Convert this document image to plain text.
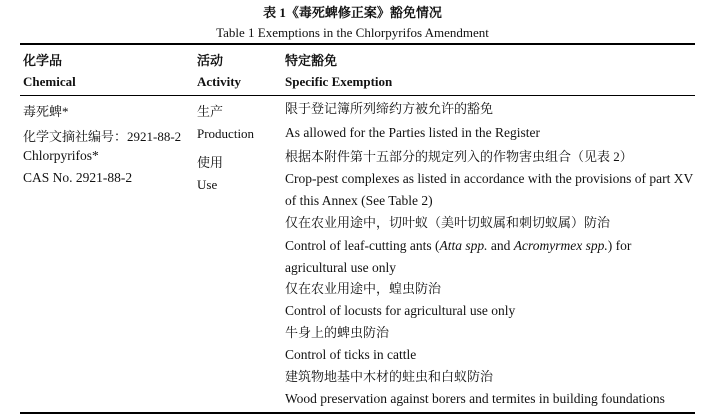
表 1《毒死蜱修正案》豁免情况
Table 1 Exemptions in the Chlorpyrifos Amendment
化学品
Chemical
活动
Activity
特定豁免
Specific Exemption
毒死蜱*
化学文摘社编号：2921-88-2
Chlorpyrifos*
CAS No. 2921-88-2
生产
Production
使用
Use
限于登记簿所列缔约方被允许的豁免
As allowed for the Parties listed in the Register
根据本附件第十五部分的规定列入的作物害虫组合（见表 2）
Crop-pest complexes as listed in accordance with the provisions of part XV of this Annex (See Table 2)
仅在农业用途中，切叶蚁（美叶切蚁属和刺切蚁属）防治
Control of leaf-cutting ants (Atta spp. and Acromyrmex spp.) for agricultural use only
仅在农业用途中，蝗虫防治
Control of locusts for agricultural use only
牛身上的蜱虫防治
Control of ticks in cattle
建筑物地基中木材的蛀虫和白蚁防治
Wood preservation against borers and termites in building foundations
